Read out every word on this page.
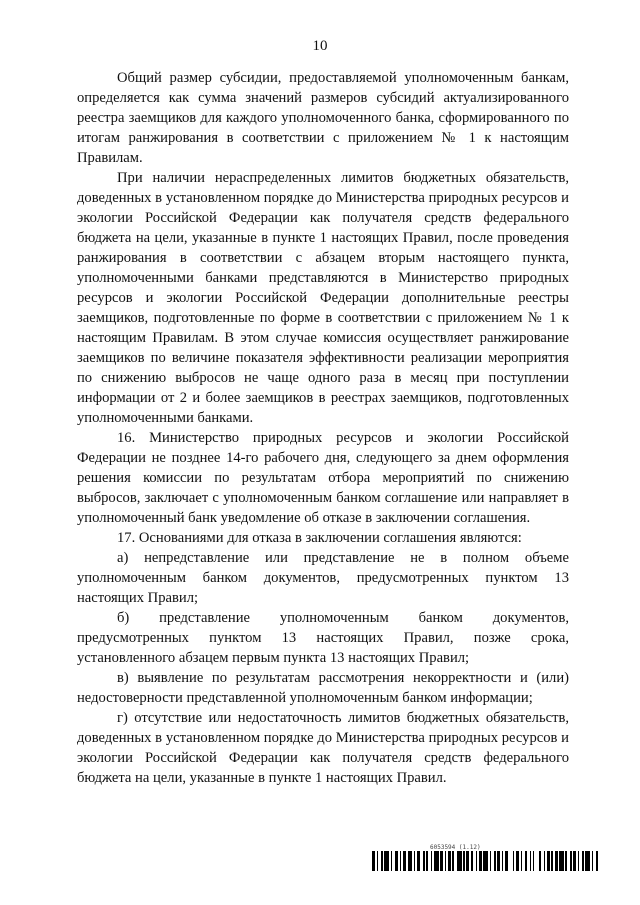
10

Общий размер субсидии, предоставляемой уполномоченным банкам, определяется как сумма значений размеров субсидий актуализированного реестра заемщиков для каждого уполномоченного банка, сформированного по итогам ранжирования в соответствии с приложением № 1 к настоящим Правилам.

При наличии нераспределенных лимитов бюджетных обязательств, доведенных в установленном порядке до Министерства природных ресурсов и экологии Российской Федерации как получателя средств федерального бюджета на цели, указанные в пункте 1 настоящих Правил, после проведения ранжирования в соответствии с абзацем вторым настоящего пункта, уполномоченными банками представляются в Министерство природных ресурсов и экологии Российской Федерации дополнительные реестры заемщиков, подготовленные по форме в соответствии с приложением № 1 к настоящим Правилам. В этом случае комиссия осуществляет ранжирование заемщиков по величине показателя эффективности реализации мероприятия по снижению выбросов не чаще одного раза в месяц при поступлении информации от 2 и более заемщиков в реестрах заемщиков, подготовленных уполномоченными банками.

16. Министерство природных ресурсов и экологии Российской Федерации не позднее 14-го рабочего дня, следующего за днем оформления решения комиссии по результатам отбора мероприятий по снижению выбросов, заключает с уполномоченным банком соглашение или направляет в уполномоченный банк уведомление об отказе в заключении соглашения.

17. Основаниями для отказа в заключении соглашения являются:

а) непредставление или представление не в полном объеме уполномоченным банком документов, предусмотренных пунктом 13 настоящих Правил;

б) представление уполномоченным банком документов, предусмотренных пунктом 13 настоящих Правил, позже срока, установленного абзацем первым пункта 13 настоящих Правил;

в) выявление по результатам рассмотрения некорректности и (или) недостоверности представленной уполномоченным банком информации;

г) отсутствие или недостаточность лимитов бюджетных обязательств, доведенных в установленном порядке до Министерства природных ресурсов и экологии Российской Федерации как получателя средств федерального бюджета на цели, указанные в пункте 1 настоящих Правил.

6053594 (1.12)
